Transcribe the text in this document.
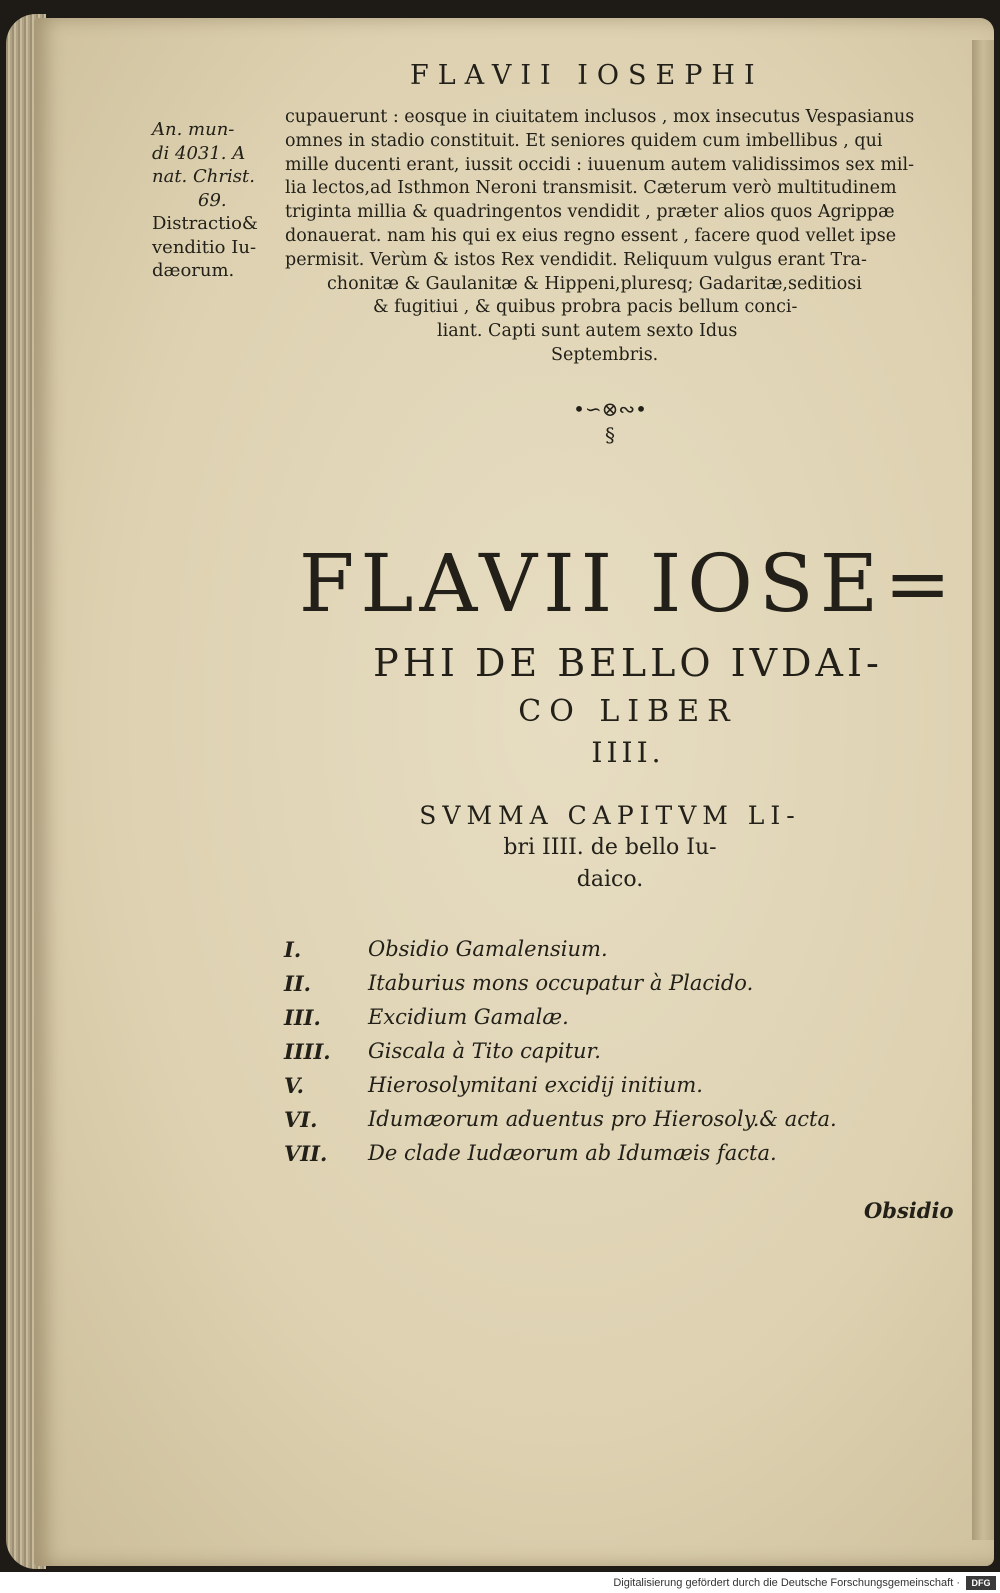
FLAVII IOSEPHI
An. mun-
di 4031. A
nat. Christ.
69.
Distractio&
venditio Iu-
dæorum.
cupauerunt : eosque in ciuitatem inclusos , mox insecutus Vespasianus
omnes in stadio constituit. Et seniores quidem cum imbellibus , qui
mille ducenti erant, iussit occidi : iuuenum autem validissimos sex mil-
lia lectos,ad Isthmon Neroni transmisit. Cæterum verò multitudinem
triginta millia & quadringentos vendidit , præter alios quos Agrippæ
donauerat. nam his qui ex eius regno essent , facere quod vellet ipse
permisit. Verùm & istos Rex vendidit. Reliquum vulgus erant Tra-
chonitæ & Gaulanitæ & Hippeni,pluresq; Gadaritæ,seditiosi
& fugitiui , & quibus probra pacis bellum conci-
liant. Capti sunt autem sexto Idus
Septembris.
•∽⊗∾•
§
FLAVII IOSE=
PHI DE BELLO IVDAI-
CO LIBER
IIII.
SVMMA CAPITVM LI-
bri IIII. de bello Iu-
daico.
I.	Obsidio Gamalensium.
II.	Itaburius mons occupatur à Placido.
III.	Excidium Gamalæ.
IIII.	Giscala à Tito capitur.
V.	Hierosolymitani excidij initium.
VI.	Idumæorum aduentus pro Hierosoly.& acta.
VII.	De clade Iudæorum ab Idumæis facta.
Obsidio
Digitalisierung gefördert durch die Deutsche Forschungsgemeinschaft ·	DFG
